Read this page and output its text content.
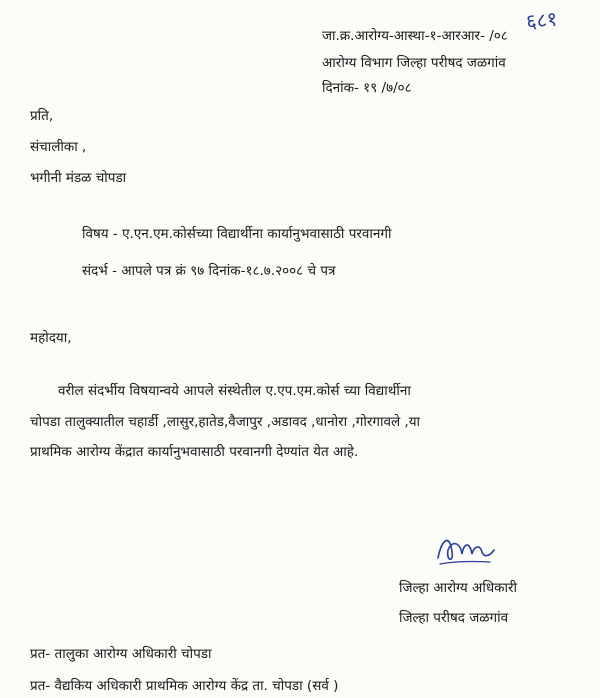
६८१
जा.क्र.आरोग्य-आस्था-१-आरआर- /०८
आरोग्य विभाग जिल्हा परीषद जळगांव
दिनांक- १९ /७/०८
प्रति,
संचालीका ,
भगीनी मंडळ चोपडा
विषय - ए.एन.एम.कोर्सच्या विद्यार्थीना कार्यानुभवासाठी परवानगी
संदर्भ - आपले पत्र क्रं ९७ दिनांक-१८.७.२००८ चे पत्र
महोदया,
वरील संदर्भीय विषयान्वये आपले संस्थेतील ए.एप.एम.कोर्स च्या विद्यार्थीना
चोपडा तालुक्यातील चहार्डी ,लासुर,हातेड,वैजापुर ,अडावद ,धानोरा ,गोरगावले ,या
प्राथमिक आरोग्य केंद्रात कार्यानुभवासाठी परवानगी देण्यांत येत आहे.
जिल्हा आरोग्य अधिकारी
जिल्हा परीषद जळगांव
प्रत- तालुका आरोग्य अधिकारी चोपडा
प्रत- वैद्यकिय अधिकारी प्राथमिक आरोग्य केंद्र ता. चोपडा (सर्व )
